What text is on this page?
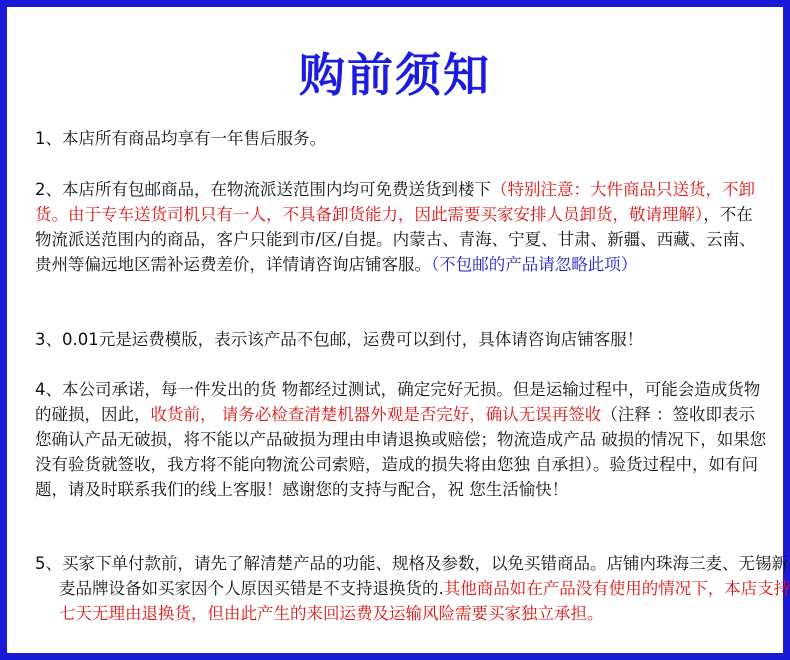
购前须知
1、本店所有商品均享有一年售后服务。
2、本店所有包邮商品，在物流派送范围内均可免费送货到楼下（特别注意：大件商品只送货，不卸货。由于专车送货司机只有一人，不具备卸货能力，因此需要买家安排人员卸货，敬请理解），不在物流派送范围内的商品，客户只能到市/区/自提。内蒙古、青海、宁夏、甘肃、新疆、西藏、云南、贵州等偏远地区需补运费差价，详情请咨询店铺客服。（不包邮的产品请忽略此项）
3、0.01元是运费模版，表示该产品不包邮，运费可以到付，具体请咨询店铺客服！
4、本公司承诺，每一件发出的货 物都经过测试，确定完好无损。但是运输过程中，可能会造成货物的碰损，因此，收货前， 请务必检查清楚机器外观是否完好，确认无误再签收（注释 ：签收即表示您确认产品无破损，将不能以产品破损为理由申请退换或赔偿；物流造成产品 破损的情况下，如果您没有验货就签收，我方将不能向物流公司索赔，造成的损失将由您独 自承担）。验货过程中，如有问题，请及时联系我们的线上客服！感谢您的支持与配合，祝 您生活愉快！
5、买家下单付款前，请先了解清楚产品的功能、规格及参数，以免买错商品。店铺内珠海三麦、无锡新麦品牌设备如买家因个人原因买错是不支持退换货的.其他商品如在产品没有使用的情况下，本店支持七天无理由退换货，但由此产生的来回运费及运输风险需要买家独立承担。
